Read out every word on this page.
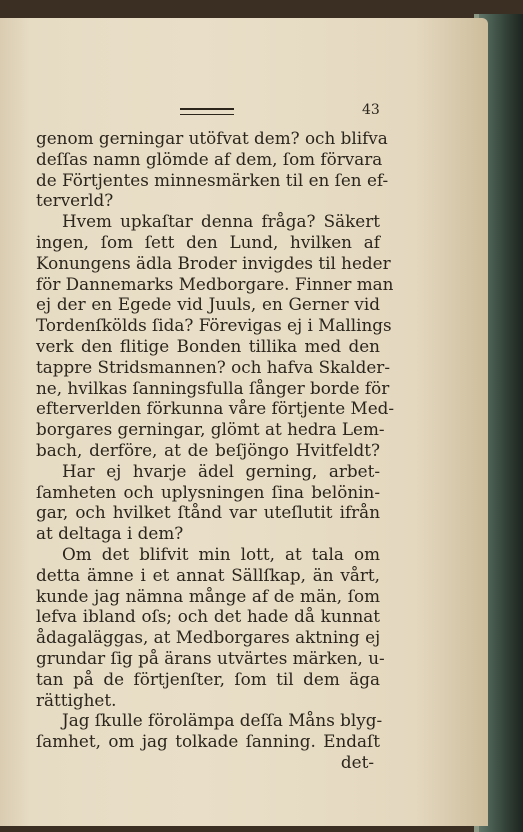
43
genom gerningar utöfvat dem? och blifva
deſſas namn glömde af dem, ſom förvara
de Förtjentes minnesmärken til en ſen ef-
terverld?
Hvem upkaſtar denna fråga? Säkert
ingen, ſom ſett den Lund, hvilken af
Konungens ädla Broder invigdes til heder
för Dannemarks Medborgare. Finner man
ej der en Egede vid Juuls, en Gerner vid
Tordenſkölds ſida? Förevigas ej i Mallings
verk den flitige Bonden tillika med den
tappre Stridsmannen? och hafva Skalder-
ne, hvilkas ſanningsfulla ſånger borde för
efterverlden förkunna våre förtjente Med-
borgares gerningar, glömt at hedra Lem-
bach, derföre, at de beſjöngo Hvitfeldt?
Har ej hvarje ädel gerning, arbet-
ſamheten och uplysningen ſina belönin-
gar, och hvilket ſtånd var uteſlutit ifrån
at deltaga i dem?
Om det blifvit min lott, at tala om
detta ämne i et annat Sällſkap, än vårt,
kunde jag nämna månge af de män, ſom
lefva ibland oſs; och det hade då kunnat
ådagaläggas, at Medborgares aktning ej
grundar ſig på ärans utvärtes märken, u-
tan på de förtjenſter, ſom til dem äga
rättighet.
Jag ſkulle förolämpa deſſa Måns blyg-
ſamhet, om jag tolkade ſanning. Endaſt
det-
